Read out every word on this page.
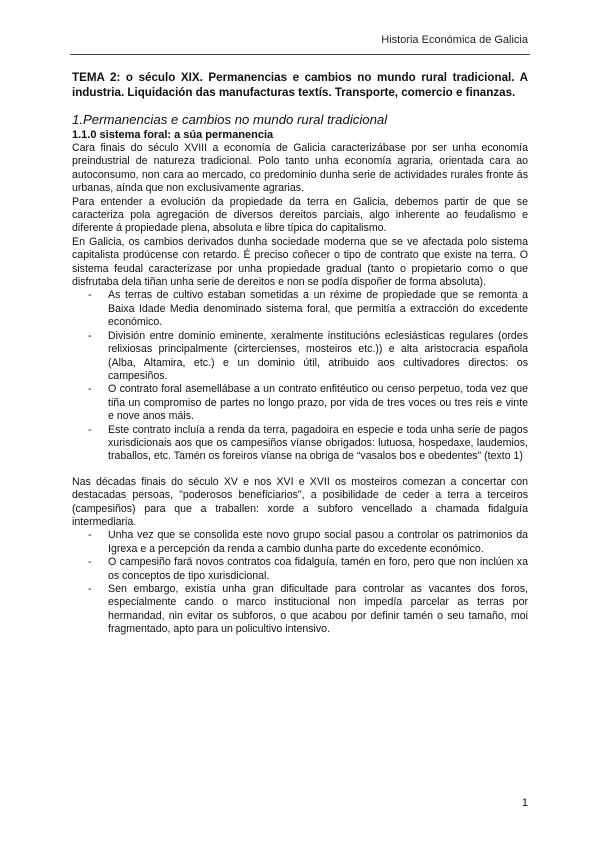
Historia Económica de Galicia
TEMA 2: o século XIX. Permanencias e cambios no mundo rural tradicional. A industria. Liquidación das manufacturas textís. Transporte, comercio e finanzas.
1.Permanencias e cambios no mundo rural tradicional
1.1.0 sistema foral: a súa permanencia

Cara finais do século XVIII a economía de Galicia caracterizábase por ser unha economía preindustrial de natureza tradicional. Polo tanto unha economía agraria, orientada cara ao autoconsumo, non cara ao mercado, co predominio dunha serie de actividades rurales fronte ás urbanas, aínda que non exclusivamente agrarias.

Para entender a evolución da propiedade da terra en Galicia, debemos partir de que se caracteriza pola agregación de diversos dereitos parciais, algo inherente ao feudalismo e diferente á propiedade plena, absoluta e libre típica do capitalismo.

En Galicia, os cambios derivados dunha sociedade moderna que se ve afectada polo sistema capitalista prodúcense con retardo. É preciso coñecer o tipo de contrato que existe na terra. O sistema feudal caracterizase por unha propiedade gradual (tanto o propietario como o que disfrutaba dela tiñan unha serie de dereitos e non se podía dispoñer de forma absoluta).

- As terras de cultivo estaban sometidas a un réxime de propiedade que se remonta a Baixa Idade Media denominado sistema foral, que permitía a extracción do excedente económico.
- División entre dominio eminente, xeralmente institucións eclesiásticas regulares (ordes relixiosas principalmente (cirtercienses, mosteiros etc.)) e alta aristocracia española (Alba, Altamira, etc.) e un dominio útil, atribuido aos cultivadores directos: os campesiños.
- O contrato foral asemellábase a un contrato enfitéutico ou censo perpetuo, toda vez que tiña un compromiso de partes no longo prazo, por vida de tres voces ou tres reis e vinte e nove anos máis.
- Este contrato incluía a renda da terra, pagadoira en especie e toda unha serie de pagos xurisdicionais aos que os campesiños víanse obrigados: lutuosa, hospedaxe, laudemios, traballos, etc. Tamén os foreiros víanse na obriga de “vasalos bos e obedentes” (texto 1)

Nas décadas finais do século XV e nos XVI e XVII os mosteiros comezan a concertar con destacadas persoas, "poderosos beneficiarios", a posibilidade de ceder a terra a terceiros (campesiños) para que a traballen: xorde a subforo vencellado a chamada fidalguía intermediaria.

- Unha vez que se consolida este novo grupo social pasou a controlar os patrimonios da Igrexa e a percepción da renda a cambio dunha parte do excedente económico.
- O campesiño fará novos contratos coa fidalguía, tamén en foro, pero que non inclúen xa os conceptos de tipo xurisdicional.
- Sen embargo, existía unha gran dificultade para controlar as vacantes dos foros, especialmente cando o marco institucional non impedía parcelar as terras por hermandad, nin evitar os subforos, o que acabou por definir tamén o seu tamaño, moi fragmentado, apto para un policultivo intensivo.
1
